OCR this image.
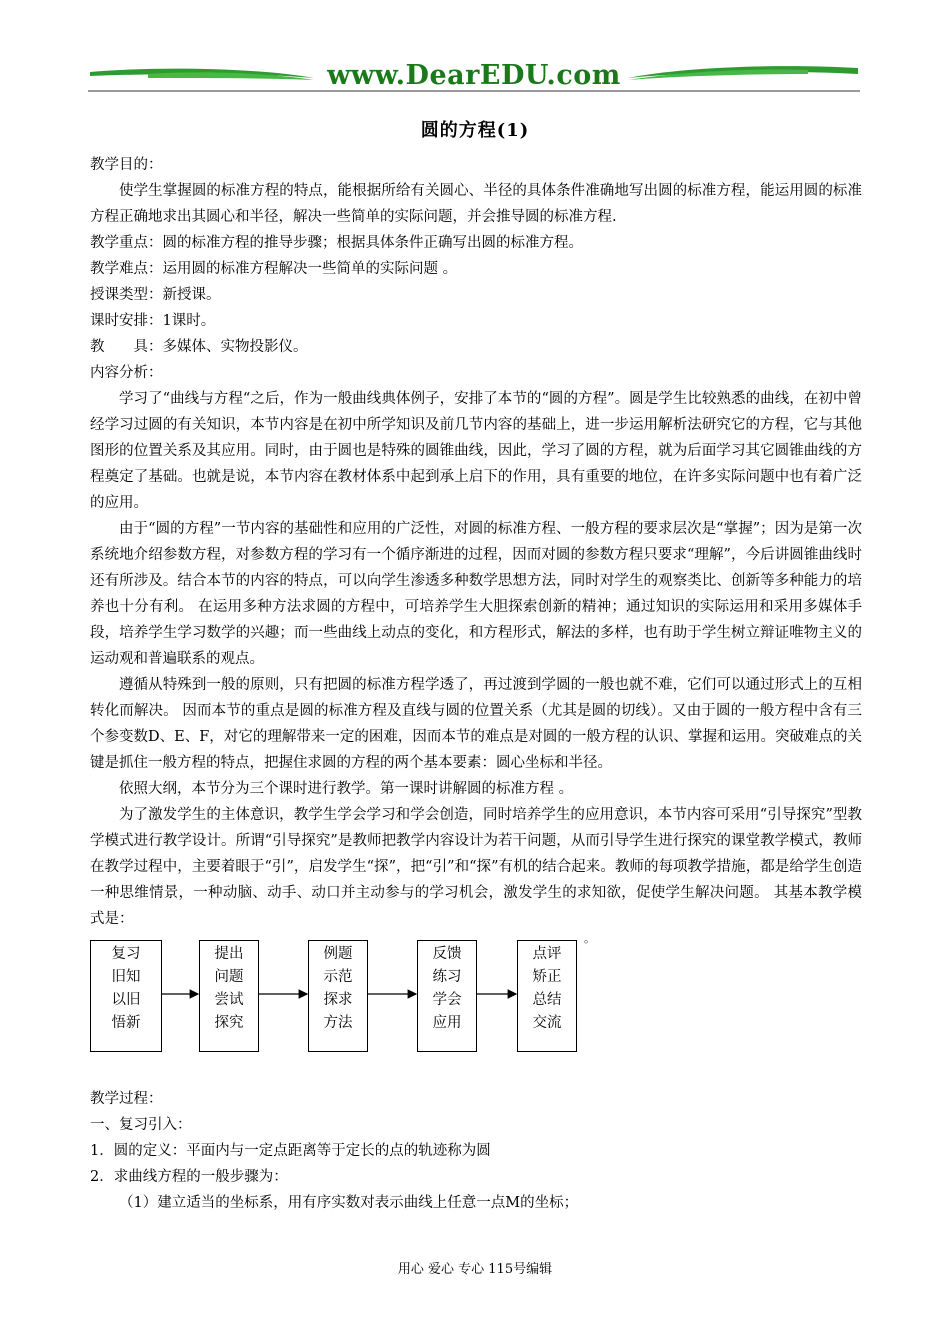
www.DearEDU.com
圆的方程(1)

教学目的：

使学生掌握圆的标准方程的特点，能根据所给有关圆心、半径的具体条件准确地写出圆的标准方程，能运用圆的标准方程正确地求出其圆心和半径，解决一些简单的实际问题，并会推导圆的标准方程.

教学重点：圆的标准方程的推导步骤；根据具体条件正确写出圆的标准方程。

教学难点：运用圆的标准方程解决一些简单的实际问题 。

授课类型：新授课。

课时安排：1课时。

教　　具：多媒体、实物投影仪。

内容分析：

学习了“曲线与方程“之后，作为一般曲线典体例子，安排了本节的“圆的方程”。圆是学生比较熟悉的曲线，在初中曾经学习过圆的有关知识，本节内容是在初中所学知识及前几节内容的基础上，进一步运用解析法研究它的方程，它与其他图形的位置关系及其应用。同时，由于圆也是特殊的圆锥曲线，因此，学习了圆的方程，就为后面学习其它圆锥曲线的方程奠定了基础。也就是说，本节内容在教材体系中起到承上启下的作用，具有重要的地位，在许多实际问题中也有着广泛的应用。

由于“圆的方程”一节内容的基础性和应用的广泛性，对圆的标准方程、一般方程的要求层次是“掌握”；因为是第一次系统地介绍参数方程，对参数方程的学习有一个循序渐进的过程，因而对圆的参数方程只要求“理解”，今后讲圆锥曲线时还有所涉及。结合本节的内容的特点，可以向学生渗透多种数学思想方法，同时对学生的观察类比、创新等多种能力的培养也十分有利。 在运用多种方法求圆的方程中，可培养学生大胆探索创新的精神；通过知识的实际运用和采用多媒体手段，培养学生学习数学的兴趣；而一些曲线上动点的变化，和方程形式，解法的多样，也有助于学生树立辩证唯物主义的运动观和普遍联系的观点。

遵循从特殊到一般的原则，只有把圆的标准方程学透了，再过渡到学圆的一般也就不难，它们可以通过形式上的互相转化而解决。 因而本节的重点是圆的标准方程及直线与圆的位置关系（尤其是圆的切线）。又由于圆的一般方程中含有三个参变数D、E、F，对它的理解带来一定的困难，因而本节的难点是对圆的一般方程的认识、掌握和运用。突破难点的关键是抓住一般方程的特点，把握住求圆的方程的两个基本要素：圆心坐标和半径。

依照大纲，本节分为三个课时进行教学。第一课时讲解圆的标准方程 。

为了激发学生的主体意识，教学生学会学习和学会创造，同时培养学生的应用意识，本节内容可采用“引导探究”型教学模式进行教学设计。所谓“引导探究”是教师把教学内容设计为若干问题，从而引导学生进行探究的课堂教学模式，教师在教学过程中，主要着眼于“引”，启发学生“探”，把“引”和“探”有机的结合起来。教师的每项教学措施，都是给学生创造一种思维情景，一种动脑、动手、动口并主动参与的学习机会，激发学生的求知欲，促使学生解决问题。 其基本教学模式是：

复习
旧知
以旧
悟新
提出
问题
尝试
探究
例题
示范
探求
方法
反馈
练习
学会
应用
点评
矫正
总结
交流
。

教学过程：

一、复习引入：

1．圆的定义：平面内与一定点距离等于定长的点的轨迹称为圆

2．求曲线方程的一般步骤为：

（1）建立适当的坐标系，用有序实数对表示曲线上任意一点M的坐标；

用心 爱心 专心 115号编辑
